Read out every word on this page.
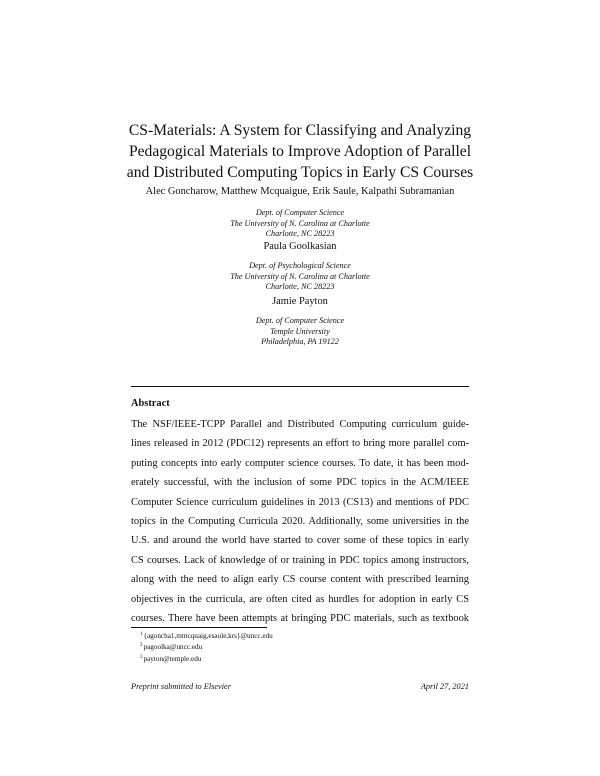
CS-Materials: A System for Classifying and Analyzing
Pedagogical Materials to Improve Adoption of Parallel
and Distributed Computing Topics in Early CS Courses
Alec Goncharow, Matthew Mcquaigue, Erik Saule, Kalpathi Subramanian
Dept. of Computer Science
The University of N. Carolina at Charlotte
Charlotte, NC 28223
Paula Goolkasian
Dept. of Psychological Science
The University of N. Carolina at Charlotte
Charlotte, NC 28223
Jamie Payton
Dept. of Computer Science
Temple University
Philadelphia, PA 19122
Abstract
The NSF/IEEE-TCPP Parallel and Distributed Computing curriculum guide-
lines released in 2012 (PDC12) represents an effort to bring more parallel com-
puting concepts into early computer science courses. To date, it has been mod-
erately successful, with the inclusion of some PDC topics in the ACM/IEEE
Computer Science curriculum guidelines in 2013 (CS13) and mentions of PDC
topics in the Computing Curricula 2020. Additionally, some universities in the
U.S. and around the world have started to cover some of these topics in early
CS courses. Lack of knowledge of or training in PDC topics among instructors,
along with the need to align early CS course content with prescribed learning
objectives in the curricula, are often cited as hurdles for adoption in early CS
courses. There have been attempts at bringing PDC materials, such as textbook
$^1${agoncha1,mmcquaig,esaule,krs}@uncc.edu
$^2$pagoolka@uncc.edu
$^3$payton@temple.edu
Preprint submitted to Elsevier	April 27, 2021
